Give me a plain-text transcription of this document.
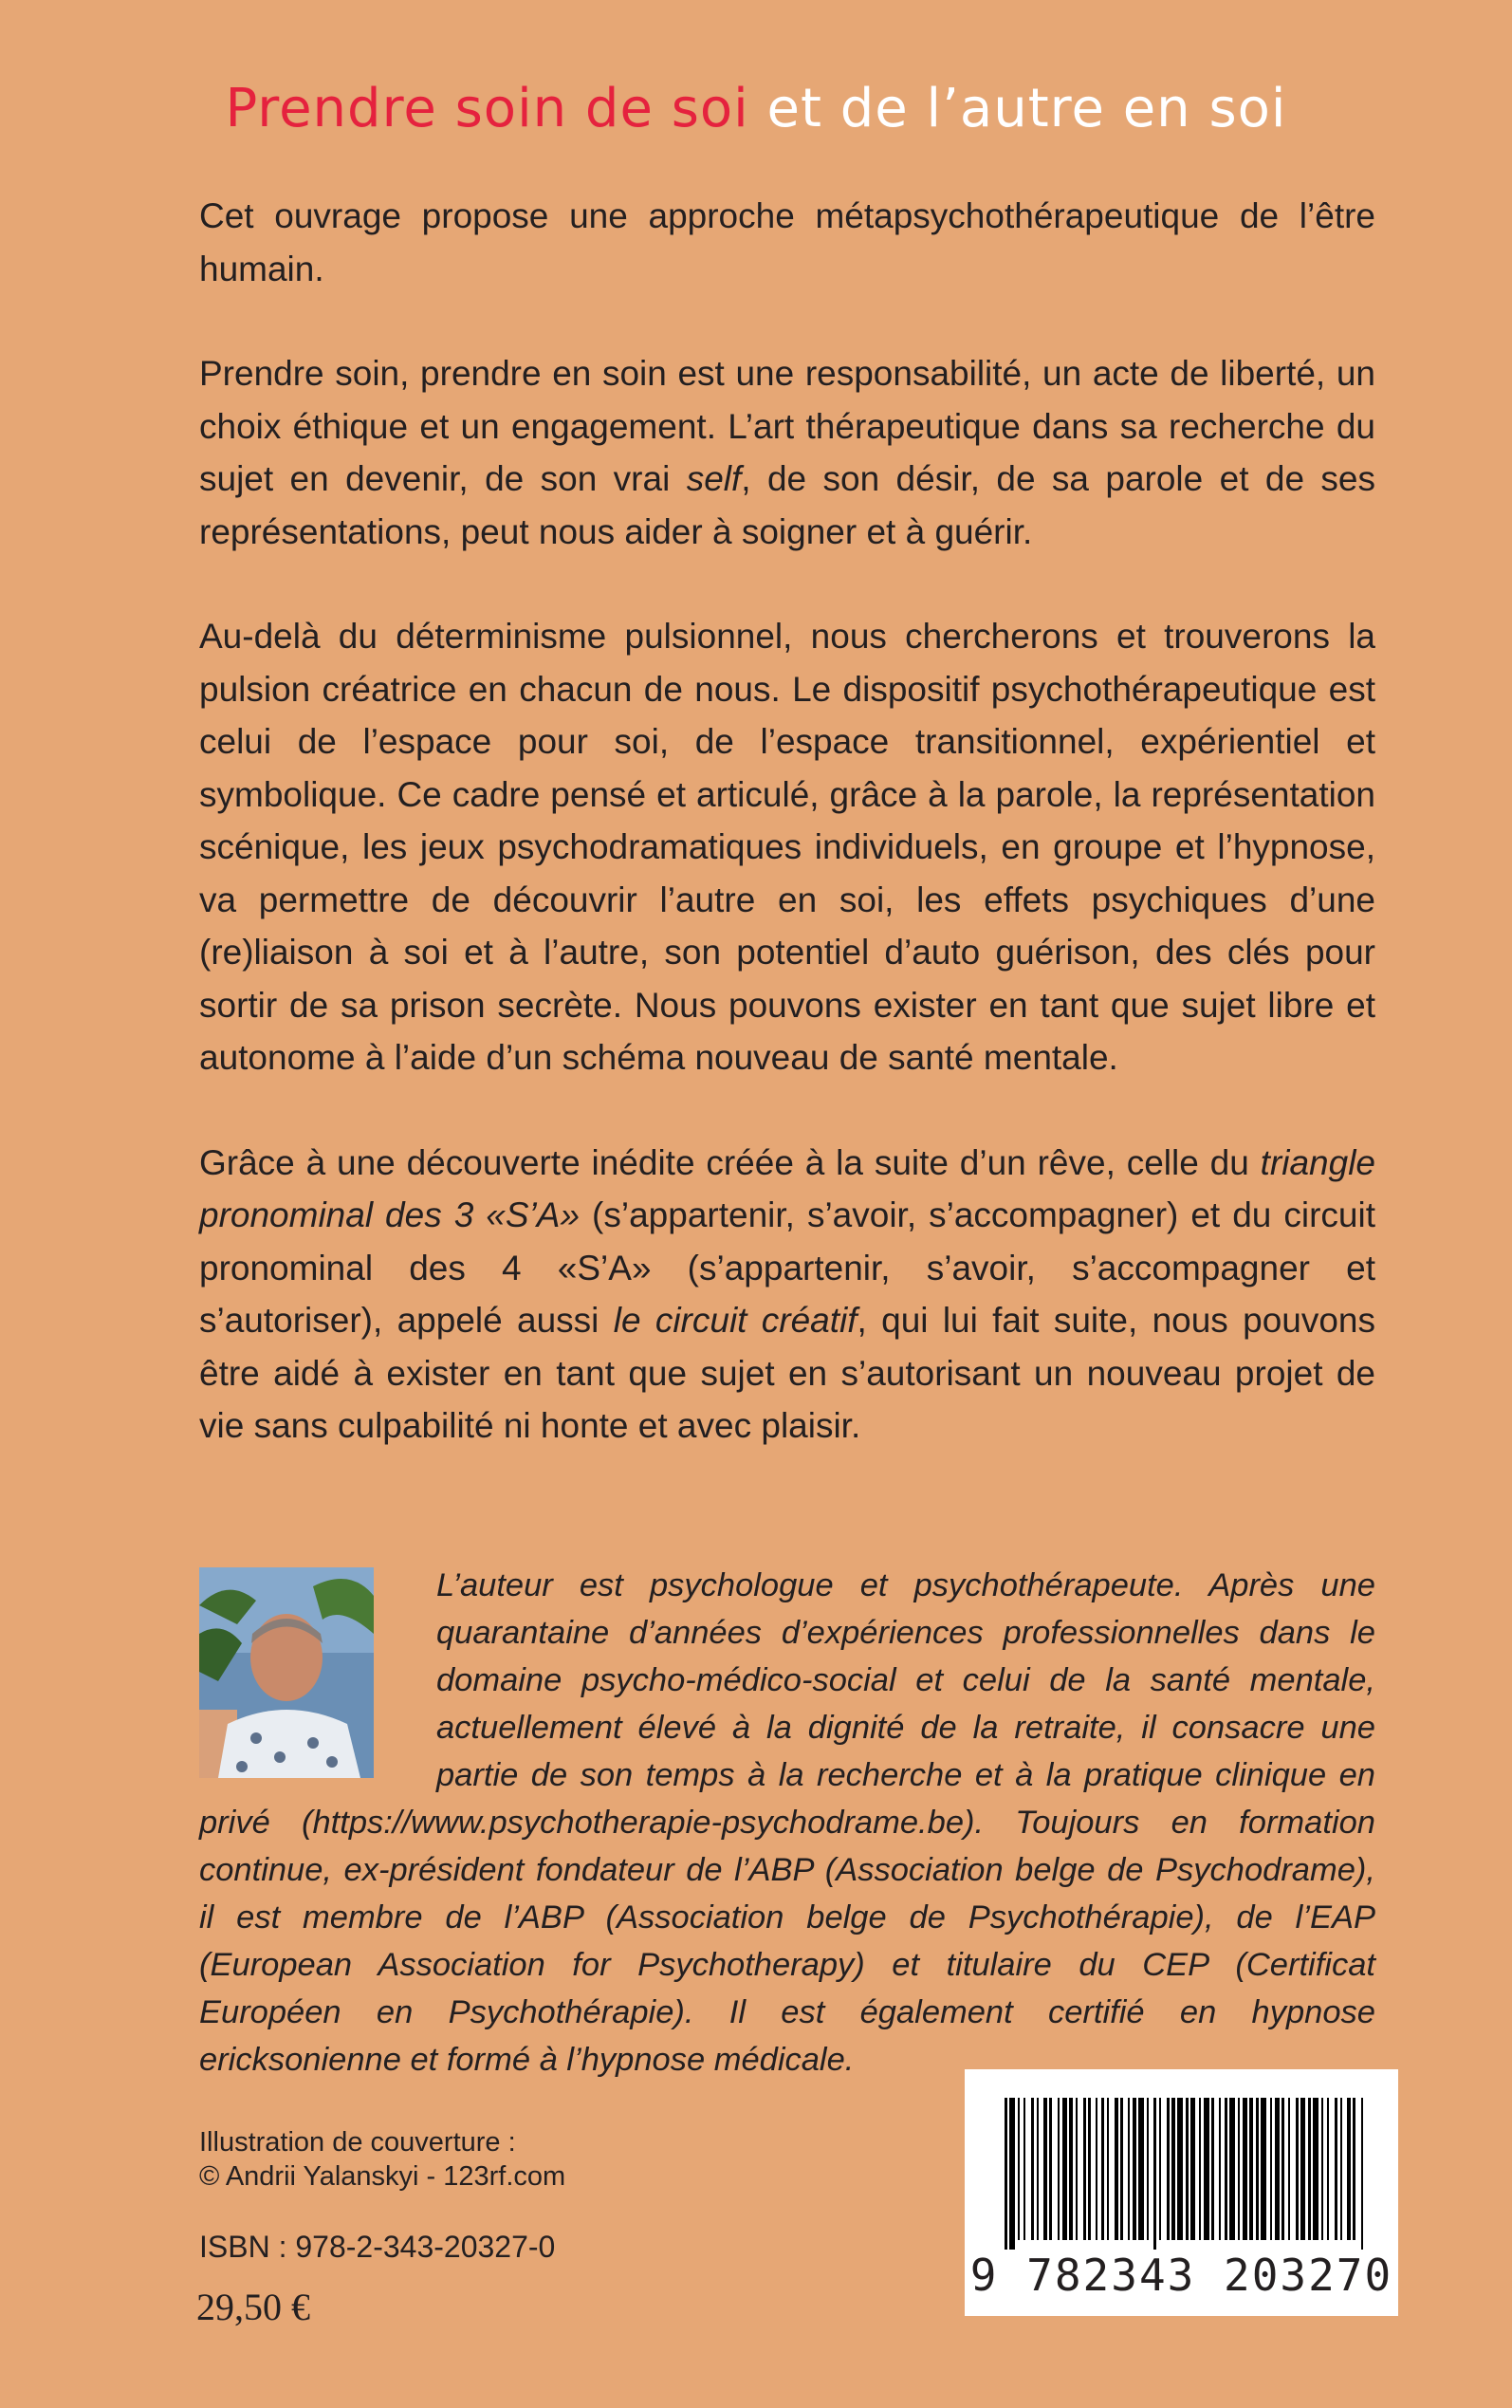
Prendre soin de soi et de l’autre en soi

Cet ouvrage propose une approche métapsychothérapeutique de l’être humain.

Prendre soin, prendre en soin est une responsabilité, un acte de liberté, un choix éthique et un engagement. L’art thérapeutique dans sa recherche du sujet en devenir, de son vrai self, de son désir, de sa parole et de ses représentations, peut nous aider à soigner et à guérir.

Au-delà du déterminisme pulsionnel, nous chercherons et trouverons la pulsion créatrice en chacun de nous. Le dispositif psychothérapeutique est celui de l’espace pour soi, de l’espace transitionnel, expérientiel et symbolique. Ce cadre pensé et articulé, grâce à la parole, la représentation scénique, les jeux psychodramatiques individuels, en groupe et l’hypnose, va permettre de découvrir l’autre en soi, les effets psychiques d’une (re)liaison à soi et à l’autre, son potentiel d’auto guérison, des clés pour sortir de sa prison secrète. Nous pouvons exister en tant que sujet libre et autonome à l’aide d’un schéma nouveau de santé mentale.

Grâce à une découverte inédite créée à la suite d’un rêve, celle du triangle pronominal des 3 «S’A» (s’appartenir, s’avoir, s’accompagner) et du circuit pronominal des 4 «S’A» (s’appartenir, s’avoir, s’accompagner et s’autoriser), appelé aussi le circuit créatif, qui lui fait suite, nous pouvons être aidé à exister en tant que sujet en s’autorisant un nouveau projet de vie sans culpabilité ni honte et avec plaisir.

L’auteur est psychologue et psychothérapeute. Après une quarantaine d’années d’expériences professionnelles dans le domaine psycho-médico-social et celui de la santé mentale, actuellement élevé à la dignité de la retraite, il consacre une partie de son temps à la recherche et à la pratique clinique en privé (https://www.psychotherapie-psychodrame.be). Toujours en formation continue, ex-président fondateur de l’ABP (Association belge de Psychodrame), il est membre de l’ABP (Association belge de Psychothérapie), de l’EAP (European Association for Psychotherapy) et titulaire du CEP (Certificat Européen en Psychothérapie). Il est également certifié en hypnose ericksonienne et formé à l’hypnose médicale.
Illustration de couverture :
© Andrii Yalanskyi - 123rf.com
ISBN : 978-2-343-20327-0
29,50 €
9 782343 203270
